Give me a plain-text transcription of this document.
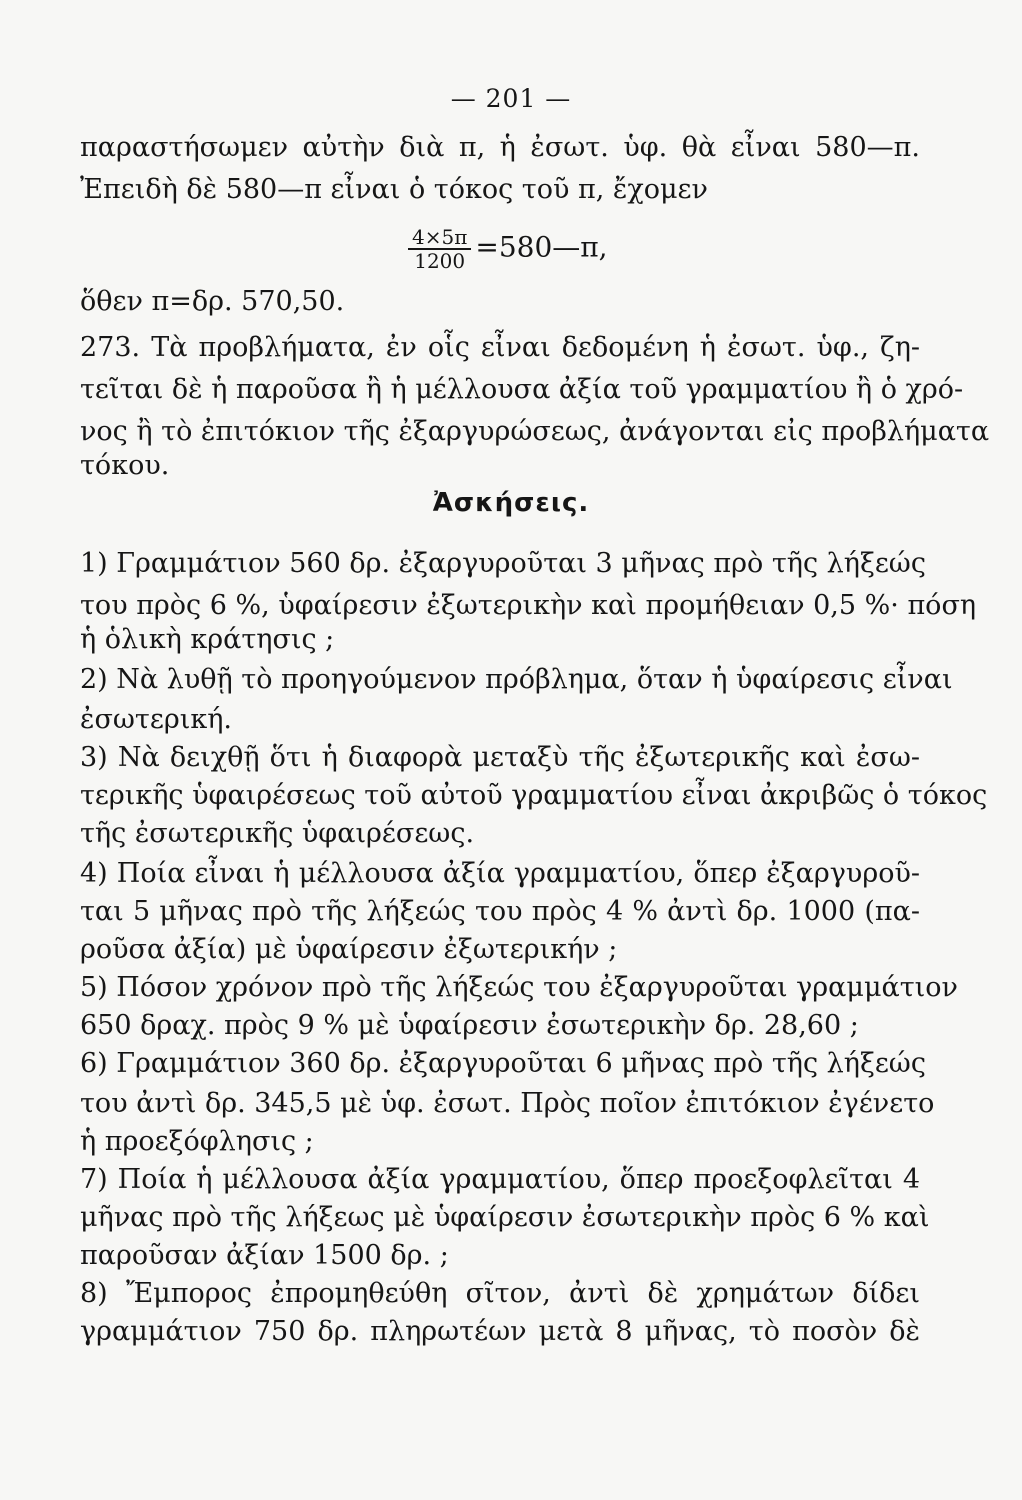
— 201 —
παραστήσωμεν αὐτὴν διὰ π, ἡ ἐσωτ. ὑφ. θὰ εἶναι 580—π.
Ἐπειδὴ δὲ 580—π εἶναι ὁ τόκος τοῦ π, ἔχομεν
$\frac{4\times 5\pi}{1200}$ =580—π,
ὅθεν π=δρ. 570,50.
273. Τὰ προβλήματα, ἐν οἷς εἶναι δεδομένη ἡ ἐσωτ. ὑφ., ζη-
τεῖται δὲ ἡ παροῦσα ἢ ἡ μέλλουσα ἀξία τοῦ γραμματίου ἢ ὁ χρό-
νος ἢ τὸ ἐπιτόκιον τῆς ἐξαργυρώσεως, ἀνάγονται εἰς προβλήματα
τόκου.
Ἀσκήσεις.
1) Γραμμάτιον 560 δρ. ἐξαργυροῦται 3 μῆνας πρὸ τῆς λήξεώς
του πρὸς 6 %, ὑφαίρεσιν ἐξωτερικὴν καὶ προμήθειαν 0,5 %· πόση
ἡ ὁλικὴ κράτησις ;
2) Νὰ λυθῇ τὸ προηγούμενον πρόβλημα, ὅταν ἡ ὑφαίρεσις εἶναι
ἐσωτερική.
3) Νὰ δειχθῇ ὅτι ἡ διαφορὰ μεταξὺ τῆς ἐξωτερικῆς καὶ ἐσω-
τερικῆς ὑφαιρέσεως τοῦ αὐτοῦ γραμματίου εἶναι ἀκριβῶς ὁ τόκος
τῆς ἐσωτερικῆς ὑφαιρέσεως.
4) Ποία εἶναι ἡ μέλλουσα ἀξία γραμματίου, ὅπερ ἐξαργυροῦ-
ται 5 μῆνας πρὸ τῆς λήξεώς του πρὸς 4 % ἀντὶ δρ. 1000 (πα-
ροῦσα ἀξία) μὲ ὑφαίρεσιν ἐξωτερικήν ;
5) Πόσον χρόνον πρὸ τῆς λήξεώς του ἐξαργυροῦται γραμμάτιον
650 δραχ. πρὸς 9 % μὲ ὑφαίρεσιν ἐσωτερικὴν δρ. 28,60 ;
6) Γραμμάτιον 360 δρ. ἐξαργυροῦται 6 μῆνας πρὸ τῆς λήξεώς
του ἀντὶ δρ. 345,5 μὲ ὑφ. ἐσωτ. Πρὸς ποῖον ἐπιτόκιον ἐγένετο
ἡ προεξόφλησις ;
7) Ποία ἡ μέλλουσα ἀξία γραμματίου, ὅπερ προεξοφλεῖται 4
μῆνας πρὸ τῆς λήξεως μὲ ὑφαίρεσιν ἐσωτερικὴν πρὸς 6 % καὶ
παροῦσαν ἀξίαν 1500 δρ. ;
8) Ἔμπορος ἐπρομηθεύθη σῖτον, ἀντὶ δὲ χρημάτων δίδει
γραμμάτιον 750 δρ. πληρωτέων μετὰ 8 μῆνας, τὸ ποσὸν δὲ
